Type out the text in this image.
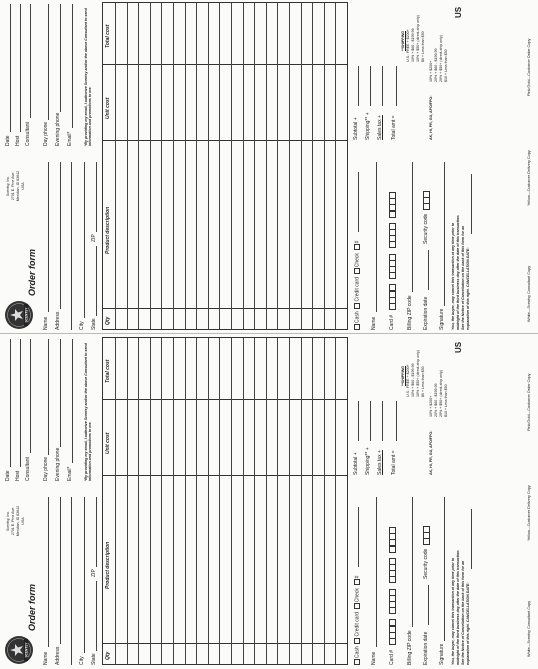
SCENTSY
Order form
Scentsy, Inc. 2701 E. Pine Ave. Meridian, ID 83642 USA
Name Address	City State
ZIP
Date Host Consultant Day phone Evening phone Email*	*By providing my email, I authorize Scentsy and/or the above Consultant to send information and promotions to me.
Qty
Product description
Unit cost
Total cost
Cash  Credit card  Check  #
Name Card # Billing ZIP code Expiration date
Security code
Signature You, the buyer, may cancel this transaction at any time prior to midnight of the third business day after the date of this transaction. See the Notice of Cancellation on the back of this form for an explanation of this right. CANCELLATION DATE:
Subtotal + Shipping** + Sales tax + Total amt =
**SHIPPING U.S.: FREE + $200+ 10% + $60 - $199.99 10% + $50+ (direct-ship only) $6 + Less than $50
AK, HI, PR, GU, APO/FPO:
10% + $200+ 20% + $60 - $199.99 20% + $50+ (direct-ship only) $10 + Less than $50
US
White—Scentsy Consultant Copy
Yellow—Customer Delivery Copy
Pink/Gold—Customer Order Copy
SCENTSY
Order form
Scentsy, Inc. 2701 E. Pine Ave. Meridian, ID 83642 USA
Name Address	City State
ZIP
Date Host Consultant Day phone Evening phone Email*	*By providing my email, I authorize Scentsy and/or the above Consultant to send information and promotions to me.
Qty
Product description
Unit cost
Total cost
Cash  Credit card  Check  #
Name Card # Billing ZIP code Expiration date
Security code
Signature You, the buyer, may cancel this transaction at any time prior to midnight of the third business day after the date of this transaction. See the Notice of Cancellation on the back of this form for an explanation of this right. CANCELLATION DATE:
Subtotal + Shipping** + Sales tax + Total amt =
**SHIPPING U.S.: FREE + $200+ 10% + $60 - $199.99 10% + $50+ (direct-ship only) $6 + Less than $50
AK, HI, PR, GU, APO/FPO:
10% + $200+ 20% + $60 - $199.99 20% + $50+ (direct-ship only) $10 + Less than $50
US
White—Scentsy Consultant Copy
Yellow—Customer Delivery Copy
Pink/Gold—Customer Order Copy
